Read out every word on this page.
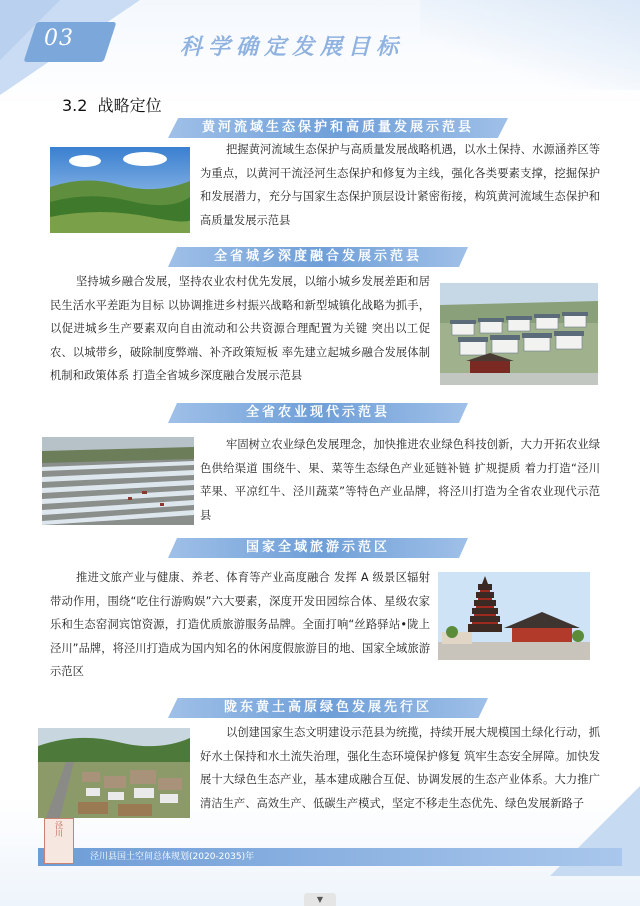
03	科学确定发展目标
3.2 战略定位
黄河流域生态保护和高质量发展示范县
把握黄河流域生态保护与高质量发展战略机遇，以水土保持、水源涵养区等为重点，以黄河干流泾河生态保护和修复为主线，强化各类要素支撑，挖掘保护和发展潜力，充分与国家生态保护顶层设计紧密衔接，构筑黄河流域生态保护和高质量发展示范县
全省城乡深度融合发展示范县
坚持城乡融合发展，坚持农业农村优先发展，以缩小城乡发展差距和居民生活水平差距为目标 以协调推进乡村振兴战略和新型城镇化战略为抓手，以促进城乡生产要素双向自由流动和公共资源合理配置为关键 突出以工促农、以城带乡，破除制度弊端、补齐政策短板 率先建立起城乡融合发展体制机制和政策体系 打造全省城乡深度融合发展示范县
全省农业现代示范县
牢固树立农业绿色发展理念，加快推进农业绿色科技创新，大力开拓农业绿色供给渠道 围绕牛、果、菜等生态绿色产业延链补链 扩规提质 着力打造“泾川苹果、平凉红牛、泾川蔬菜”等特色产业品牌，将泾川打造为全省农业现代示范县
国家全域旅游示范区
推进文旅产业与健康、养老、体育等产业高度融合 发挥 A 级景区辐射带动作用，围绕“吃住行游购娱”六大要素，深度开发田园综合体、星级农家乐和生态窑洞宾馆资源，打造优质旅游服务品牌。全面打响“丝路驿站•陇上泾川”品牌，将泾川打造成为国内知名的休闲度假旅游目的地、国家全域旅游示范区
陇东黄土高原绿色发展先行区
以创建国家生态文明建设示范县为统揽，持续开展大规模国土绿化行动，抓好水土保持和水土流失治理，强化生态环境保护修复 筑牢生态安全屏障。加快发展十大绿色生态产业，基本建成融合互促、协调发展的生态产业体系。大力推广清洁生产、高效生产、低碳生产模式，坚定不移走生态优先、绿色发展新路子
泾川
泾川县国土空间总体规划(2020-2035)年
▼
